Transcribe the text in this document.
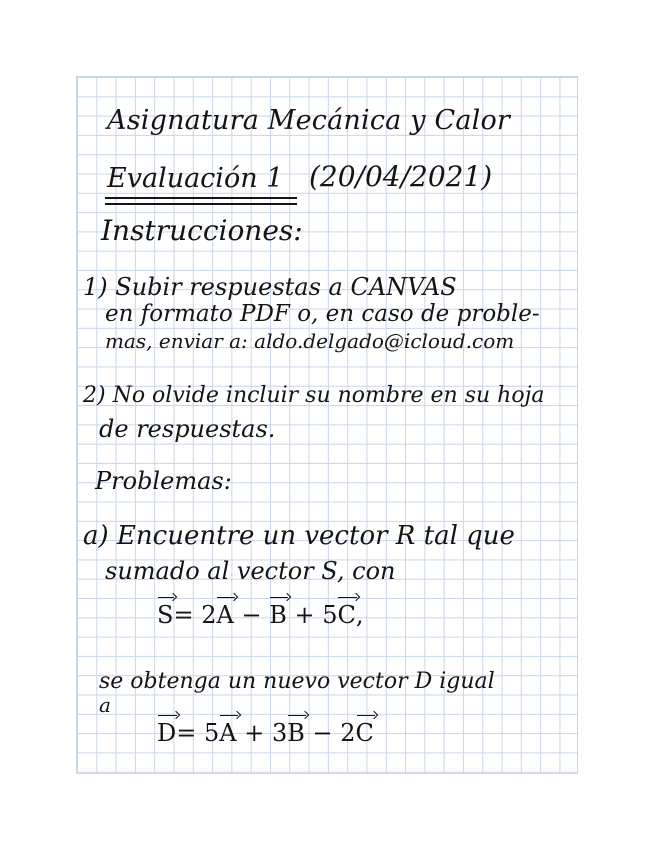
Asignatura Mecánica y Calor
Evaluación 1 (20/04/2021)
Instrucciones:
1) Subir respuestas a CANVAS
en formato PDF o, en caso de proble-
mas, enviar a: aldo.delgado@icloud.com
2) No olvide incluir su nombre en su hoja
de respuestas.
Problemas:
a) Encuentre un vector R tal que
sumado al vector S, con
S= 2A − B + 5C,
se obtenga un nuevo vector D igual
a
D= 5A + 3B − 2C
